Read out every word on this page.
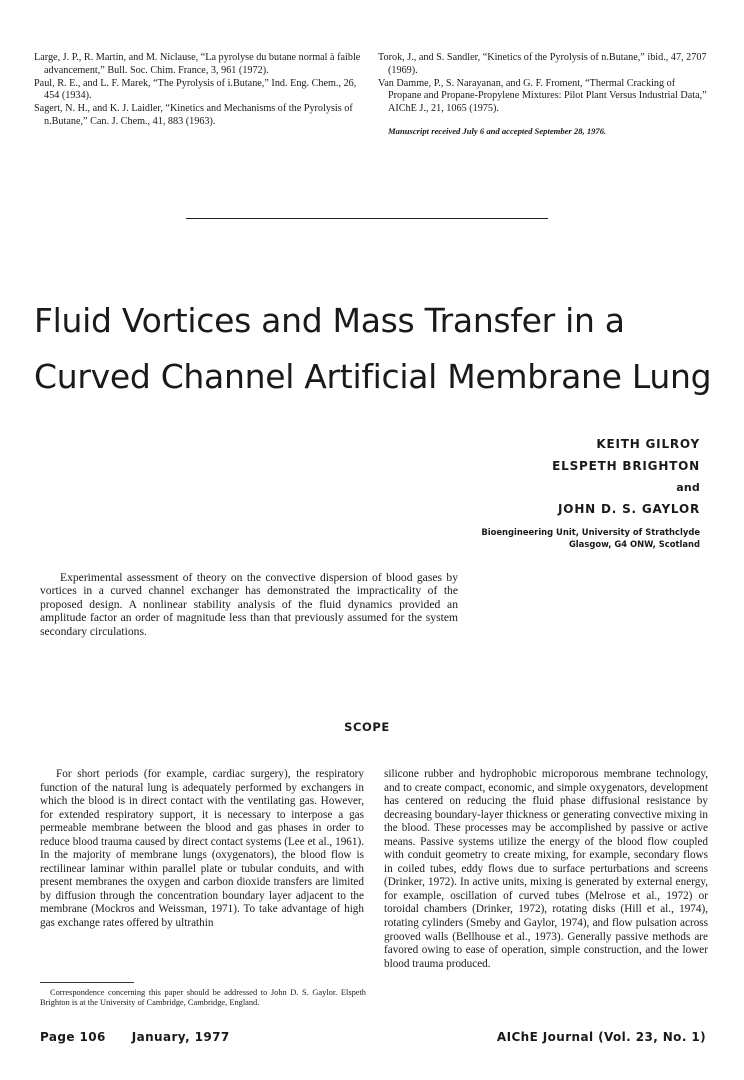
Large, J. P., R. Martin, and M. Niclause, “La pyrolyse du butane normal à faible advancement,” Bull. Soc. Chim. France, 3, 961 (1972).
Paul, R. E., and L. F. Marek, “The Pyrolysis of i.Butane,” Ind. Eng. Chem., 26, 454 (1934).
Sagert, N. H., and K. J. Laidler, “Kinetics and Mechanisms of the Pyrolysis of n.Butane,” Can. J. Chem., 41, 883 (1963).
Torok, J., and S. Sandler, “Kinetics of the Pyrolysis of n.Butane,” ibid., 47, 2707 (1969).
Van Damme, P., S. Narayanan, and G. F. Froment, “Thermal Cracking of Propane and Propane-Propylene Mixtures: Pilot Plant Versus Industrial Data,” AIChE J., 21, 1065 (1975).
Manuscript received July 6 and accepted September 28, 1976.
Fluid Vortices and Mass Transfer in a
Curved Channel Artificial Membrane Lung
KEITH GILROY
ELSPETH BRIGHTON
and
JOHN D. S. GAYLOR
Bioengineering Unit, University of Strathclyde
Glasgow, G4 ONW, Scotland
Experimental assessment of theory on the convective dispersion of blood gases by vortices in a curved channel exchanger has demonstrated the impracticality of the proposed design. A nonlinear stability analysis of the fluid dynamics provided an amplitude factor an order of magnitude less than that previously assumed for the system secondary circulations.
SCOPE
For short periods (for example, cardiac surgery), the respiratory function of the natural lung is adequately performed by exchangers in which the blood is in direct contact with the ventilating gas. However, for extended respiratory support, it is necessary to interpose a gas permeable membrane between the blood and gas phases in order to reduce blood trauma caused by direct contact systems (Lee et al., 1961). In the majority of membrane lungs (oxygenators), the blood flow is rectilinear laminar within parallel plate or tubular conduits, and with present membranes the oxygen and carbon dioxide transfers are limited by diffusion through the concentration boundary layer adjacent to the membrane (Mockros and Weissman, 1971). To take advantage of high gas exchange rates offered by ultrathin
silicone rubber and hydrophobic microporous membrane technology, and to create compact, economic, and simple oxygenators, development has centered on reducing the fluid phase diffusional resistance by decreasing boundary-layer thickness or generating convective mixing in the blood. These processes may be accomplished by passive or active means. Passive systems utilize the energy of the blood flow coupled with conduit geometry to create mixing, for example, secondary flows in coiled tubes, eddy flows due to surface perturbations and screens (Drinker, 1972). In active units, mixing is generated by external energy, for example, oscillation of curved tubes (Melrose et al., 1972) or toroidal chambers (Drinker, 1972), rotating disks (Hill et al., 1974), rotating cylinders (Smeby and Gaylor, 1974), and flow pulsation across grooved walls (Bellhouse et al., 1973). Generally passive methods are favored owing to ease of operation, simple construction, and the lower blood trauma produced.
Correspondence concerning this paper should be addressed to John D. S. Gaylor. Elspeth Brighton is at the University of Cambridge, Cambridge, England.
Page 106 January, 1977	AIChE Journal (Vol. 23, No. 1)
